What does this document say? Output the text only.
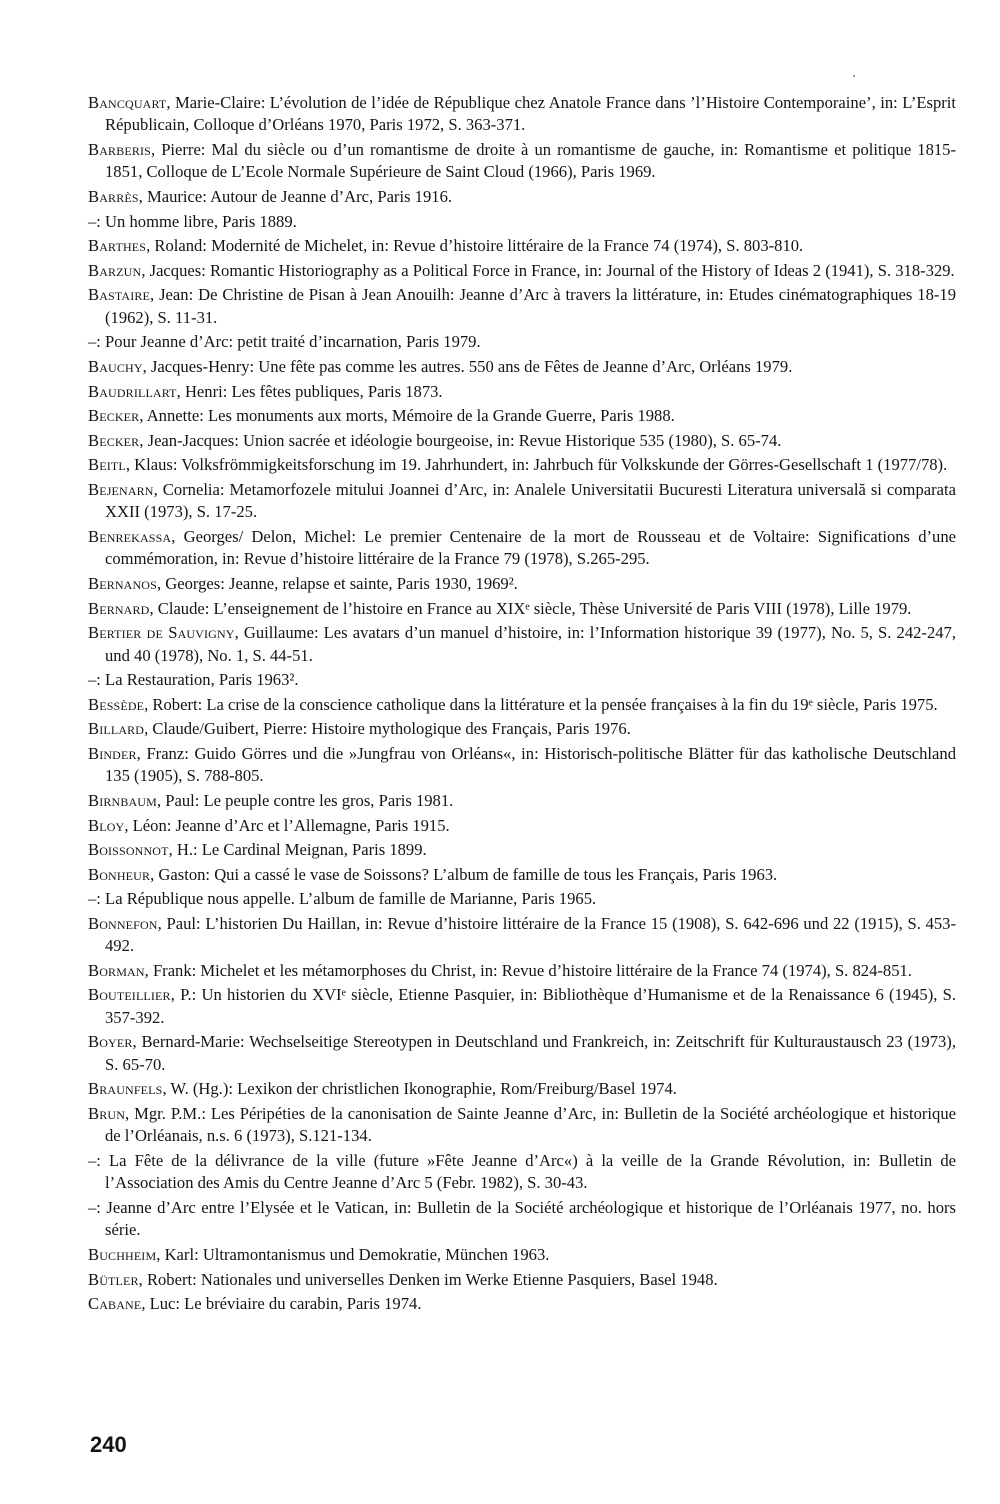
Bancquart, Marie-Claire: L’évolution de l’idée de République chez Anatole France dans ’l’Histoire Contemporaine’, in: L’Esprit Républicain, Colloque d’Orléans 1970, Paris 1972, S. 363-371.
Barberis, Pierre: Mal du siècle ou d’un romantisme de droite à un romantisme de gauche, in: Romantisme et politique 1815-1851, Colloque de L’Ecole Normale Supérieure de Saint Cloud (1966), Paris 1969.
Barrès, Maurice: Autour de Jeanne d’Arc, Paris 1916.
–: Un homme libre, Paris 1889.
Barthes, Roland: Modernité de Michelet, in: Revue d’histoire littéraire de la France 74 (1974), S. 803-810.
Barzun, Jacques: Romantic Historiography as a Political Force in France, in: Journal of the History of Ideas 2 (1941), S. 318-329.
Bastaire, Jean: De Christine de Pisan à Jean Anouilh: Jeanne d’Arc à travers la littérature, in: Etudes cinématographiques 18-19 (1962), S. 11-31.
–: Pour Jeanne d’Arc: petit traité d’incarnation, Paris 1979.
Bauchy, Jacques-Henry: Une fête pas comme les autres. 550 ans de Fêtes de Jeanne d’Arc, Orléans 1979.
Baudrillart, Henri: Les fêtes publiques, Paris 1873.
Becker, Annette: Les monuments aux morts, Mémoire de la Grande Guerre, Paris 1988.
Becker, Jean-Jacques: Union sacrée et idéologie bourgeoise, in: Revue Historique 535 (1980), S. 65-74.
Beitl, Klaus: Volksfrömmigkeitsforschung im 19. Jahrhundert, in: Jahrbuch für Volkskunde der Görres-Gesellschaft 1 (1977/78).
Bejenarn, Cornelia: Metamorfozele mitului Joannei d’Arc, in: Analele Universitatii Bucuresti Literatura universală si comparata XXII (1973), S. 17-25.
Benrekassa, Georges/ Delon, Michel: Le premier Centenaire de la mort de Rousseau et de Voltaire: Significations d’une commémoration, in: Revue d’histoire littéraire de la France 79 (1978), S.265-295.
Bernanos, Georges: Jeanne, relapse et sainte, Paris 1930, 1969².
Bernard, Claude: L’enseignement de l’histoire en France au XIXᵉ siècle, Thèse Université de Paris VIII (1978), Lille 1979.
Bertier de Sauvigny, Guillaume: Les avatars d’un manuel d’histoire, in: l’Information historique 39 (1977), No. 5, S. 242-247, und 40 (1978), No. 1, S. 44-51.
–: La Restauration, Paris 1963².
Bessède, Robert: La crise de la conscience catholique dans la littérature et la pensée françaises à la fin du 19ᵉ siècle, Paris 1975.
Billard, Claude/Guibert, Pierre: Histoire mythologique des Français, Paris 1976.
Binder, Franz: Guido Görres und die »Jungfrau von Orléans«, in: Historisch-politische Blätter für das katholische Deutschland 135 (1905), S. 788-805.
Birnbaum, Paul: Le peuple contre les gros, Paris 1981.
Bloy, Léon: Jeanne d’Arc et l’Allemagne, Paris 1915.
Boissonnot, H.: Le Cardinal Meignan, Paris 1899.
Bonheur, Gaston: Qui a cassé le vase de Soissons? L’album de famille de tous les Français, Paris 1963.
–: La République nous appelle. L’album de famille de Marianne, Paris 1965.
Bonnefon, Paul: L’historien Du Haillan, in: Revue d’histoire littéraire de la France 15 (1908), S. 642-696 und 22 (1915), S. 453-492.
Borman, Frank: Michelet et les métamorphoses du Christ, in: Revue d’histoire littéraire de la France 74 (1974), S. 824-851.
Bouteillier, P.: Un historien du XVIᵉ siècle, Etienne Pasquier, in: Bibliothèque d’Humanisme et de la Renaissance 6 (1945), S. 357-392.
Boyer, Bernard-Marie: Wechselseitige Stereotypen in Deutschland und Frankreich, in: Zeitschrift für Kulturaustausch 23 (1973), S. 65-70.
Braunfels, W. (Hg.): Lexikon der christlichen Ikonographie, Rom/Freiburg/Basel 1974.
Brun, Mgr. P.M.: Les Péripéties de la canonisation de Sainte Jeanne d’Arc, in: Bulletin de la Société archéologique et historique de l’Orléanais, n.s. 6 (1973), S.121-134.
–: La Fête de la délivrance de la ville (future »Fête Jeanne d’Arc«) à la veille de la Grande Révolution, in: Bulletin de l’Association des Amis du Centre Jeanne d’Arc 5 (Febr. 1982), S. 30-43.
–: Jeanne d’Arc entre l’Elysée et le Vatican, in: Bulletin de la Société archéologique et historique de l’Orléanais 1977, no. hors série.
Buchheim, Karl: Ultramontanismus und Demokratie, München 1963.
Bütler, Robert: Nationales und universelles Denken im Werke Etienne Pasquiers, Basel 1948.
Cabane, Luc: Le bréviaire du carabin, Paris 1974.
240
